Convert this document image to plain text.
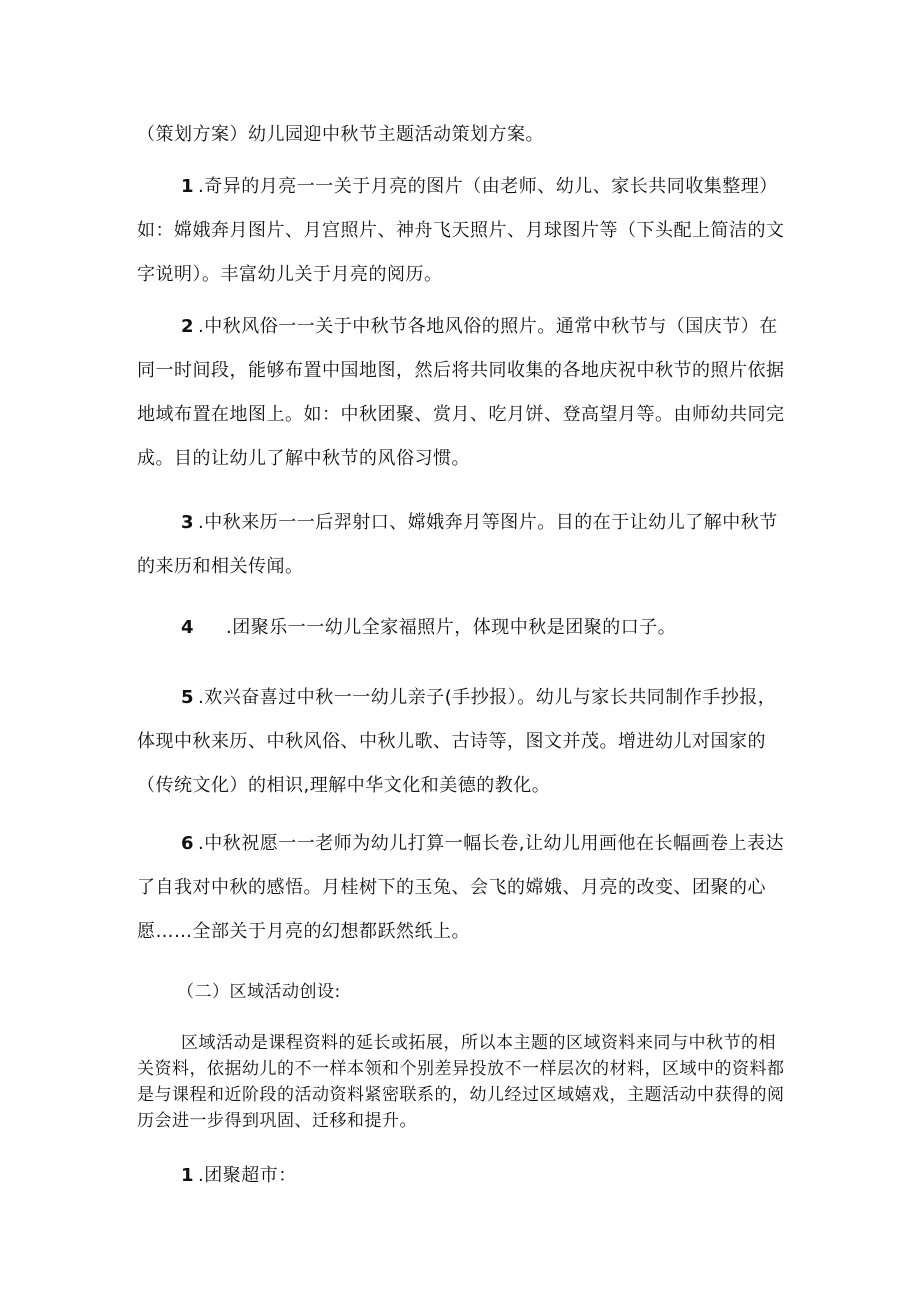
（策划方案）幼儿园迎中秋节主题活动策划方案。

1 .奇异的月亮一一关于月亮的图片（由老师、幼儿、家长共同收集整理）如：嫦娥奔月图片、月宫照片、神舟飞天照片、月球图片等（下头配上简洁的文字说明）。丰富幼儿关于月亮的阅历。

2 .中秋风俗一一关于中秋节各地风俗的照片。通常中秋节与（国庆节）在同一时间段，能够布置中国地图，然后将共同收集的各地庆祝中秋节的照片依据地域布置在地图上。如：中秋团聚、赏月、吃月饼、登高望月等。由师幼共同完成。目的让幼儿了解中秋节的风俗习惯。

3 .中秋来历一一后羿射口、嫦娥奔月等图片。目的在于让幼儿了解中秋节的来历和相关传闻。

4 .团聚乐一一幼儿全家福照片，体现中秋是团聚的口子。

5 .欢兴奋喜过中秋一一幼儿亲子(手抄报）。幼儿与家长共同制作手抄报，体现中秋来历、中秋风俗、中秋儿歌、古诗等，图文并茂。增进幼儿对国家的（传统文化）的相识,理解中华文化和美德的教化。

6 .中秋祝愿一一老师为幼儿打算一幅长卷,让幼儿用画他在长幅画卷上表达了自我对中秋的感悟。月桂树下的玉兔、会飞的嫦娥、月亮的改变、团聚的心愿……全部关于月亮的幻想都跃然纸上。

（二）区域活动创设:

区域活动是课程资料的延长或拓展，所以本主题的区域资料来同与中秋节的相关资料，依据幼儿的不一样本领和个别差异投放不一样层次的材料，区域中的资料都是与课程和近阶段的活动资料紧密联系的，幼儿经过区域嬉戏，主题活动中获得的阅历会进一步得到巩固、迁移和提升。

1 .团聚超市：
